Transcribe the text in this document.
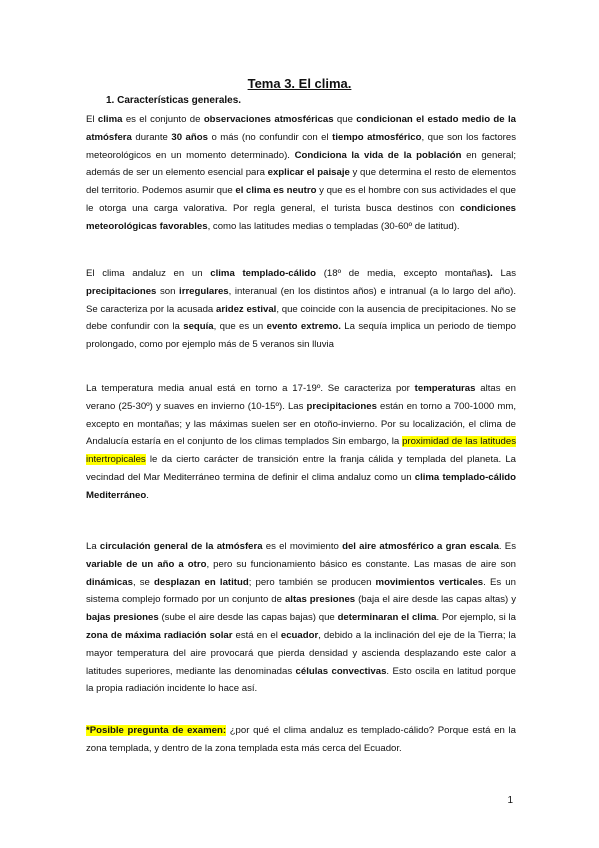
Tema 3. El clima.
1. Características generales.
El clima es el conjunto de observaciones atmosféricas que condicionan el estado medio de la atmósfera durante 30 años o más (no confundir con el tiempo atmosférico, que son los factores meteorológicos en un momento determinado). Condiciona la vida de la población en general; además de ser un elemento esencial para explicar el paisaje y que determina el resto de elementos del territorio. Podemos asumir que el clima es neutro y que es el hombre con sus actividades el que le otorga una carga valorativa. Por regla general, el turista busca destinos con condiciones meteorológicas favorables, como las latitudes medias o templadas (30-60º de latitud).
El clima andaluz en un clima templado-cálido (18º de media, excepto montañas). Las precipitaciones son irregulares, interanual (en los distintos años) e intranual (a lo largo del año). Se caracteriza por la acusada aridez estival, que coincide con la ausencia de precipitaciones. No se debe confundir con la sequía, que es un evento extremo. La sequía implica un periodo de tiempo prolongado, como por ejemplo más de 5 veranos sin lluvia
La temperatura media anual está en torno a 17-19º. Se caracteriza por temperaturas altas en verano (25-30º) y suaves en invierno (10-15º). Las precipitaciones están en torno a 700-1000 mm, excepto en montañas; y las máximas suelen ser en otoño-invierno. Por su localización, el clima de Andalucía estaría en el conjunto de los climas templados Sin embargo, la proximidad de las latitudes intertropicales le da cierto carácter de transición entre la franja cálida y templada del planeta. La vecindad del Mar Mediterráneo termina de definir el clima andaluz como un clima templado-cálido Mediterráneo.
La circulación general de la atmósfera es el movimiento del aire atmosférico a gran escala. Es variable de un año a otro, pero su funcionamiento básico es constante. Las masas de aire son dinámicas, se desplazan en latitud; pero también se producen movimientos verticales. Es un sistema complejo formado por un conjunto de altas presiones (baja el aire desde las capas altas) y bajas presiones (sube el aire desde las capas bajas) que determinaran el clima. Por ejemplo, si la zona de máxima radiación solar está en el ecuador, debido a la inclinación del eje de la Tierra; la mayor temperatura del aire provocará que pierda densidad y ascienda desplazando este calor a latitudes superiores, mediante las denominadas células convectivas. Esto oscila en latitud porque la propia radiación incidente lo hace así.
*Posible pregunta de examen: ¿por qué el clima andaluz es templado-cálido? Porque está en la zona templada, y dentro de la zona templada esta más cerca del Ecuador.
1
